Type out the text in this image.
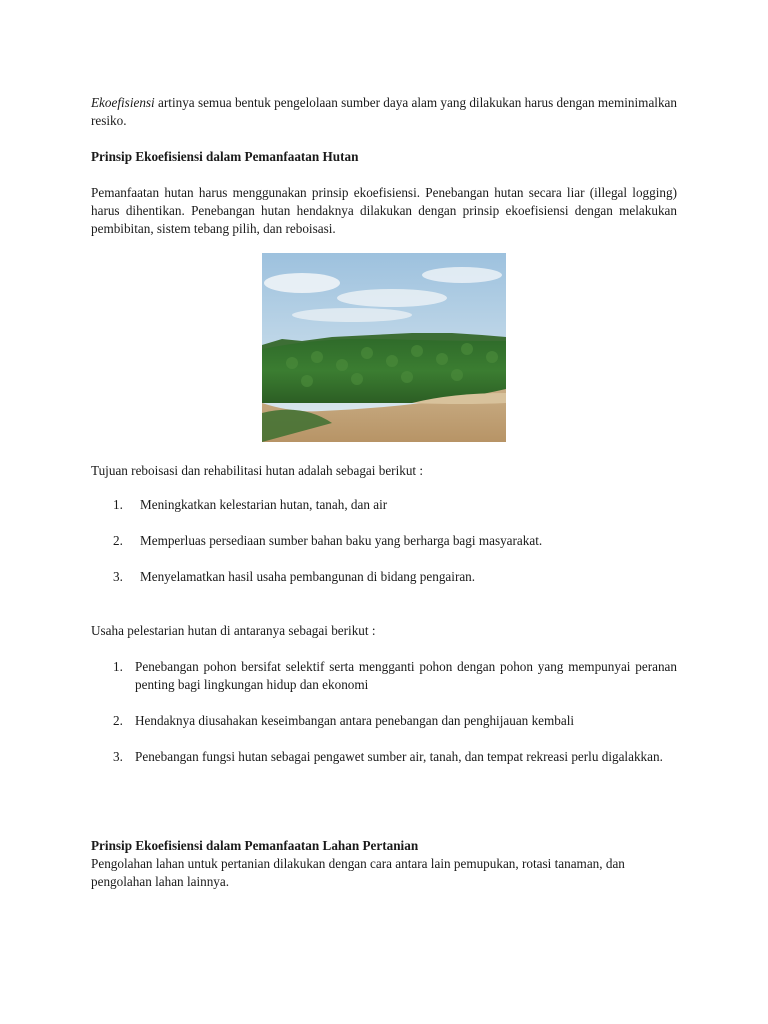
Ekoefisiensi artinya semua bentuk pengelolaan sumber daya alam yang dilakukan harus dengan meminimalkan resiko.

Prinsip Ekoefisiensi dalam Pemanfaatan Hutan

Pemanfaatan hutan harus menggunakan prinsip ekoefisiensi. Penebangan hutan secara liar (illegal logging) harus dihentikan. Penebangan hutan hendaknya dilakukan dengan prinsip ekoefisiensi dengan melakukan pembibitan, sistem tebang pilih, dan reboisasi.

Tujuan reboisasi dan rehabilitasi hutan adalah sebagai berikut :
1. Meningkatkan kelestarian hutan, tanah, dan air
2. Memperluas persediaan sumber bahan baku yang berharga bagi masyarakat.
3. Menyelamatkan hasil usaha pembangunan di bidang pengairan.
Usaha pelestarian hutan di antaranya sebagai berikut :
1. Penebangan pohon bersifat selektif serta mengganti pohon dengan pohon yang mempunyai peranan penting bagi lingkungan hidup dan ekonomi
2. Hendaknya diusahakan keseimbangan antara penebangan dan penghijauan kembali
3. Penebangan fungsi hutan sebagai pengawet sumber air, tanah, dan tempat rekreasi perlu digalakkan.
Prinsip Ekoefisiensi dalam Pemanfaatan Lahan Pertanian

Pengolahan lahan untuk pertanian dilakukan dengan cara antara lain pemupukan, rotasi tanaman, dan pengolahan lahan lainnya.
